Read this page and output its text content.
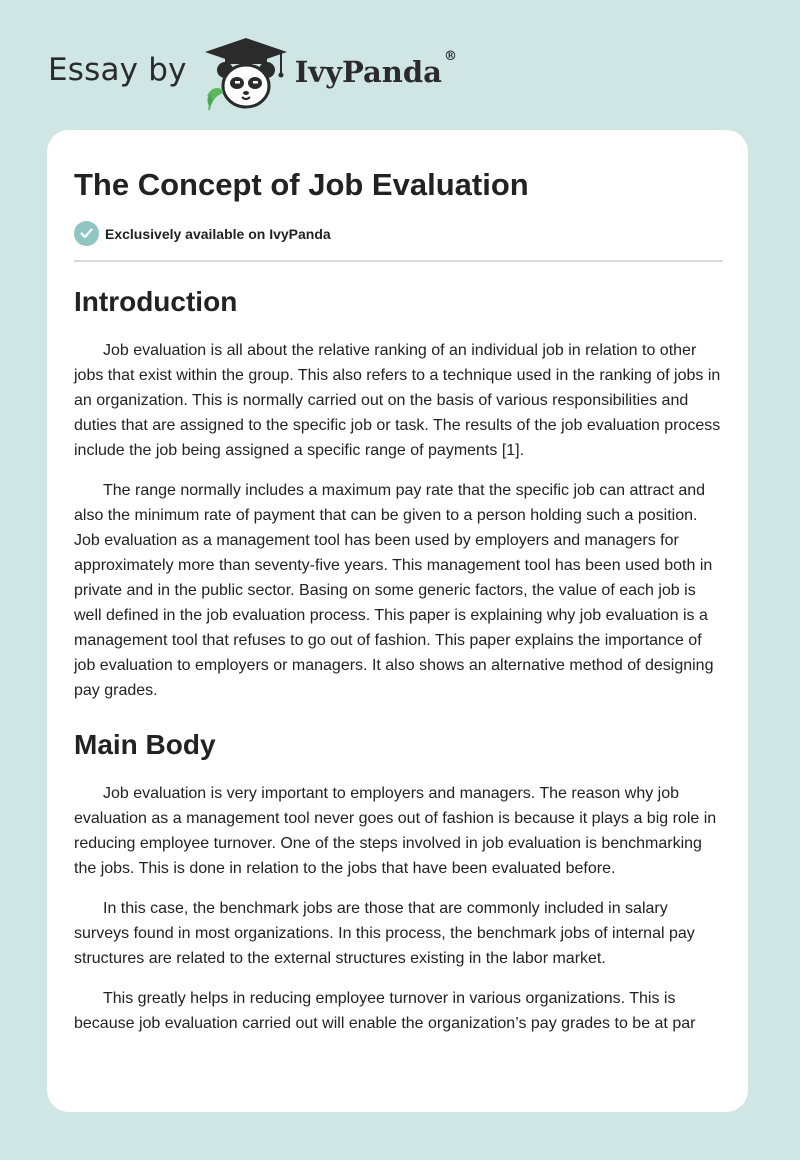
Essay by	IvyPanda ®
The Concept of Job Evaluation
Exclusively available on IvyPanda
Introduction

Job evaluation is all about the relative ranking of an individual job in relation to other jobs that exist within the group. This also refers to a technique used in the ranking of jobs in an organization. This is normally carried out on the basis of various responsibilities and duties that are assigned to the specific job or task. The results of the job evaluation process include the job being assigned a specific range of payments [1].

The range normally includes a maximum pay rate that the specific job can attract and also the minimum rate of payment that can be given to a person holding such a position. Job evaluation as a management tool has been used by employers and managers for approximately more than seventy-five years. This management tool has been used both in private and in the public sector. Basing on some generic factors, the value of each job is well defined in the job evaluation process. This paper is explaining why job evaluation is a management tool that refuses to go out of fashion. This paper explains the importance of job evaluation to employers or managers. It also shows an alternative method of designing pay grades.

Main Body

Job evaluation is very important to employers and managers. The reason why job evaluation as a management tool never goes out of fashion is because it plays a big role in reducing employee turnover. One of the steps involved in job evaluation is benchmarking the jobs. This is done in relation to the jobs that have been evaluated before.

In this case, the benchmark jobs are those that are commonly included in salary surveys found in most organizations. In this process, the benchmark jobs of internal pay structures are related to the external structures existing in the labor market.

This greatly helps in reducing employee turnover in various organizations. This is because job evaluation carried out will enable the organization’s pay grades to be at par
